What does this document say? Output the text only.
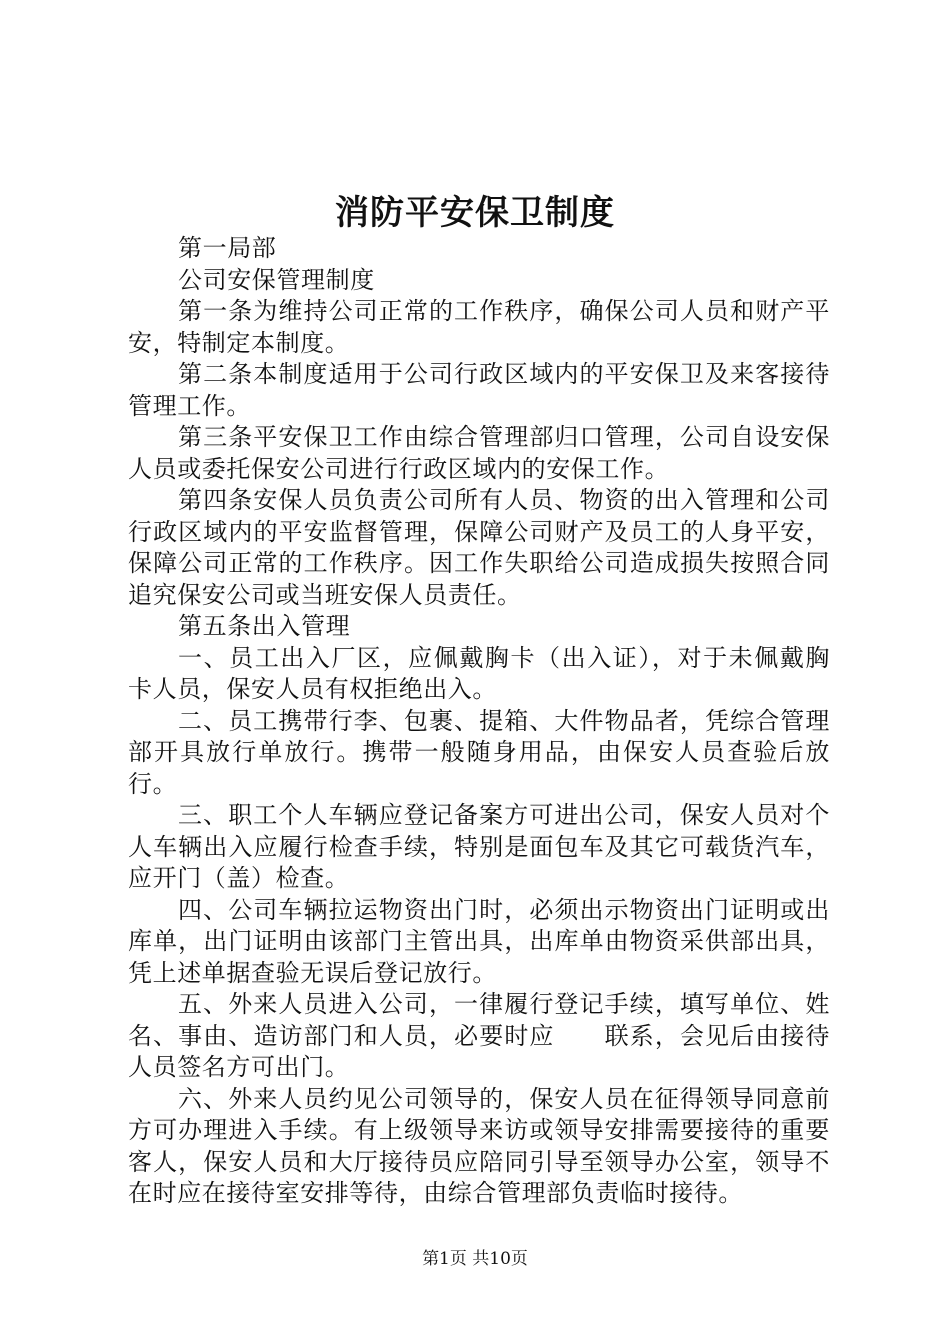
消防平安保卫制度

第一局部

公司安保管理制度

第一条为维持公司正常的工作秩序，确保公司人员和财产平安，特制定本制度。

第二条本制度适用于公司行政区域内的平安保卫及来客接待管理工作。

第三条平安保卫工作由综合管理部归口管理，公司自设安保人员或委托保安公司进行行政区域内的安保工作。

第四条安保人员负责公司所有人员、物资的出入管理和公司行政区域内的平安监督管理，保障公司财产及员工的人身平安，保障公司正常的工作秩序。因工作失职给公司造成损失按照合同追究保安公司或当班安保人员责任。

第五条出入管理

一、员工出入厂区，应佩戴胸卡（出入证），对于未佩戴胸卡人员，保安人员有权拒绝出入。

二、员工携带行李、包裹、提箱、大件物品者，凭综合管理部开具放行单放行。携带一般随身用品，由保安人员查验后放行。

三、职工个人车辆应登记备案方可进出公司，保安人员对个人车辆出入应履行检查手续，特别是面包车及其它可载货汽车，应开门（盖）检查。

四、公司车辆拉运物资出门时，必须出示物资出门证明或出库单，出门证明由该部门主管出具，出库单由物资采供部出具，凭上述单据查验无误后登记放行。

五、外来人员进入公司，一律履行登记手续，填写单位、姓名、事由、造访部门和人员，必要时应　　联系，会见后由接待人员签名方可出门。

六、外来人员约见公司领导的，保安人员在征得领导同意前方可办理进入手续。有上级领导来访或领导安排需要接待的重要客人，保安人员和大厅接待员应陪同引导至领导办公室，领导不在时应在接待室安排等待，由综合管理部负责临时接待。

第1页 共10页
